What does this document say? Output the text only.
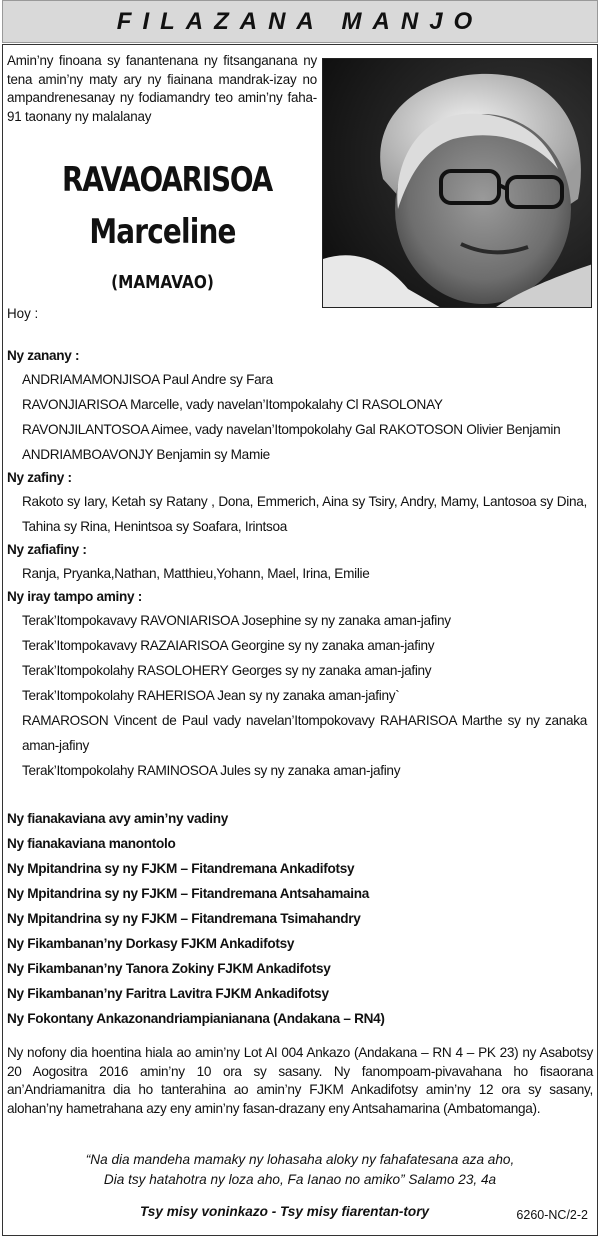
FILAZANA MANJO
Amin’ny finoana sy fanantenana ny fitsanganana ny tena amin’ny maty ary ny fiainana mandrak-izay no ampandrenesanay ny fodiamandry teo amin’ny faha-91 taonany ny malalanay
RAVAOARISOA
Marceline
(MAMAVAO)
Hoy :
Ny zanany :
ANDRIAMAMONJISOA Paul Andre sy Fara
RAVONJIARISOA Marcelle, vady navelan’Itompokalahy Cl RASOLONAY
RAVONJILANTOSOA Aimee, vady navelan’Itompokolahy Gal RAKOTOSON Olivier Benjamin
ANDRIAMBOAVONJY Benjamin sy Mamie
Ny zafiny :
Rakoto sy Iary, Ketah sy Ratany , Dona, Emmerich, Aina sy Tsiry, Andry, Mamy, Lantosoa sy Dina, Tahina sy Rina, Henintsoa sy Soafara, Irintsoa
Ny zafiafiny :
Ranja, Pryanka,Nathan, Matthieu,Yohann, Mael, Irina, Emilie
Ny iray tampo aminy :
Terak’Itompokavavy RAVONIARISOA Josephine sy ny zanaka aman-jafiny
Terak’Itompokavavy RAZAIARISOA Georgine sy ny zanaka aman-jafiny
Terak’Itompokolahy RASOLOHERY Georges sy ny zanaka aman-jafiny
Terak’Itompokolahy RAHERISOA Jean sy ny zanaka aman-jafiny`
RAMAROSON Vincent de Paul vady navelan’Itompokovavy RAHARISOA Marthe sy ny zanaka aman-jafiny
Terak’Itompokolahy RAMINOSOA Jules sy ny zanaka aman-jafiny
Ny fianakaviana avy amin’ny vadiny
Ny fianakaviana manontolo
Ny Mpitandrina sy ny FJKM – Fitandremana Ankadifotsy
Ny Mpitandrina sy ny FJKM – Fitandremana Antsahamaina
Ny Mpitandrina sy ny FJKM – Fitandremana Tsimahandry
Ny Fikambanan’ny Dorkasy FJKM Ankadifotsy
Ny Fikambanan’ny Tanora Zokiny FJKM Ankadifotsy
Ny Fikambanan’ny Faritra Lavitra FJKM Ankadifotsy
Ny Fokontany Ankazonandriampianianana (Andakana – RN4)
Ny nofony dia hoentina hiala ao amin’ny Lot AI 004 Ankazo (Andakana – RN 4 – PK 23) ny Asabotsy 20 Aogositra 2016 amin’ny 10 ora sy sasany. Ny fanompoam-pivavahana ho fisaorana an’Andriamanitra dia ho tanterahina ao amin’ny FJKM Ankadifotsy amin’ny 12 ora sy sasany, alohan’ny hametrahana azy eny amin’ny fasan-drazany eny Antsahamarina (Ambatomanga).
“Na dia mandeha mamaky ny lohasaha aloky ny fahafatesana aza aho,
Dia tsy hatahotra ny loza aho, Fa Ianao no amiko” Salamo 23, 4a
Tsy misy voninkazo - Tsy misy fiarentan-tory	6260-NC/2-2
